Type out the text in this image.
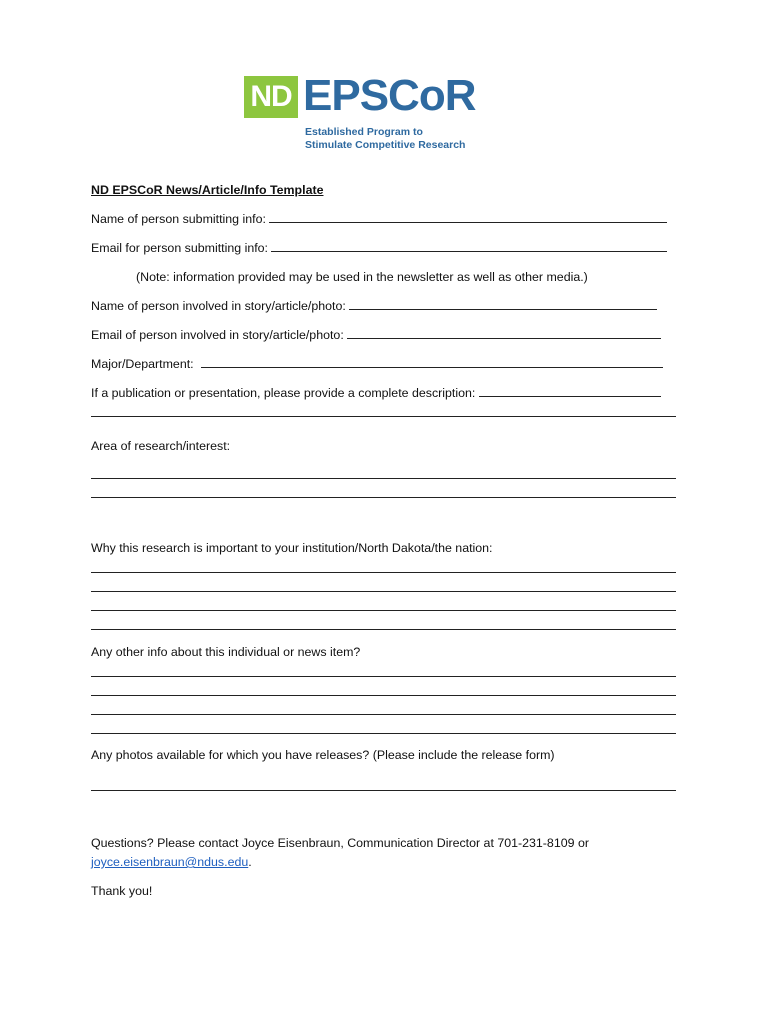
ND EPSCoR
Established Program to
Stimulate Competitive Research
ND EPSCoR News/Article/Info Template
Name of person submitting info:
Email for person submitting info:
(Note: information provided may be used in the newsletter as well as other media.)
Name of person involved in story/article/photo:
Email of person involved in story/article/photo:
Major/Department:
If a publication or presentation, please provide a complete description:
Area of research/interest:
Why this research is important to your institution/North Dakota/the nation:
Any other info about this individual or news item?
Any photos available for which you have releases? (Please include the release form)
Questions? Please contact Joyce Eisenbraun, Communication Director at 701-231-8109 or
joyce.eisenbraun@ndus.edu.
Thank you!
